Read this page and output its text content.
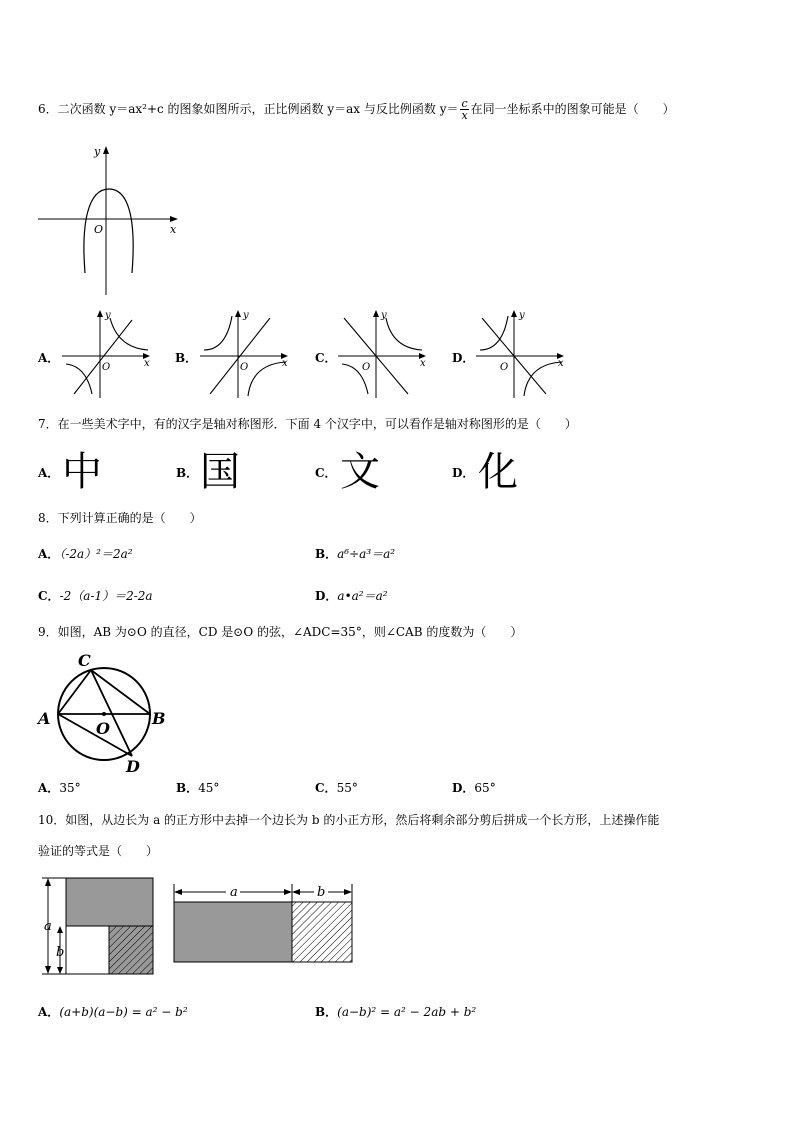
6．二次函数 y＝ax²+c 的图象如图所示，正比例函数 y＝ax 与反比例函数 $y= \frac{c}{x}$ 在同一坐标系中的图象可能是（　　）
y
x
O
A．
y
x
O
B．
y
x
O
C．
y
x
O
D．
y
x
O
7．在一些美术字中，有的汉字是轴对称图形．下面 4 个汉字中，可以看作是轴对称图形的是（　　）
A． 中	B． 国	C． 文	D． 化
8．下列计算正确的是（　　）
A．（-2a）²＝2a²	B．a⁶÷a³＝a²
C．-2（a-1）＝2-2a	D．a•a²＝a²
9．如图，AB 为⊙O 的直径，CD 是⊙O 的弦，∠ADC=35°，则∠CAB 的度数为（　　）
C
A	B
O
D
A．35°	B．45°	C．55°	D．65°
10．如图，从边长为 a 的正方形中去掉一个边长为 b 的小正方形，然后将剩余部分剪后拼成一个长方形，上述操作能
验证的等式是（　　）
a
b
a	b
A．(a+b)(a−b) = a² − b²	B．(a−b)² = a² − 2ab + b²
